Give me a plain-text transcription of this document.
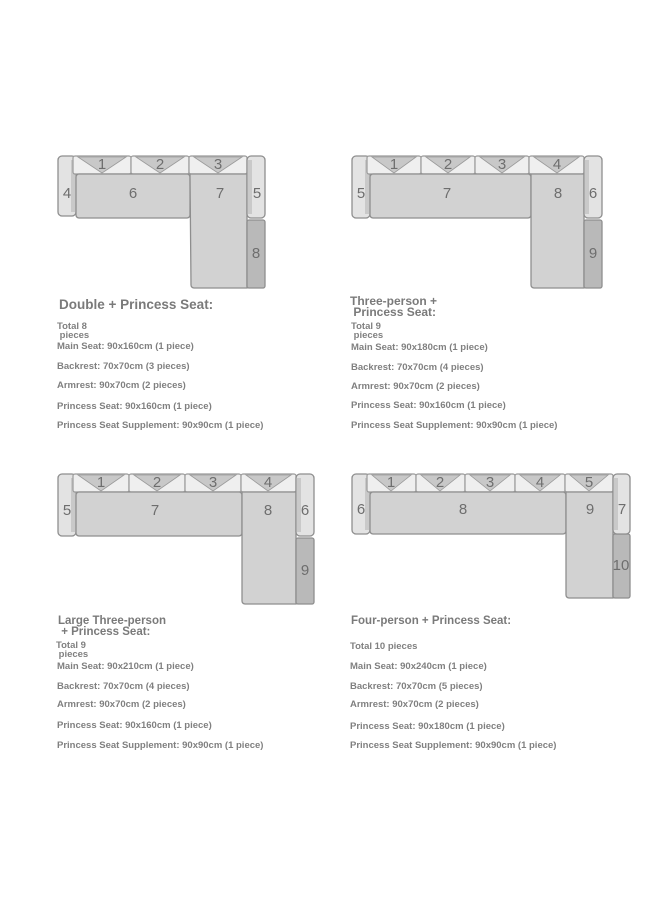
4
1	2	3
6	7
8
5	5
1	2	3	4
7	8
9
6
5
1	2	3	4
7	8
9
6	6
1	2	3	4	5
8	9
10
7
Double + Princess Seat:
Total 8
pieces
Main Seat: 90x160cm (1 piece)
Backrest: 70x70cm (3 pieces)
Armrest: 90x70cm (2 pieces)
Princess Seat: 90x160cm (1 piece)
Princess Seat Supplement: 90x90cm (1 piece)
Three-person +
Princess Seat:
Total 9
pieces
Main Seat: 90x180cm (1 piece)
Backrest: 70x70cm (4 pieces)
Armrest: 90x70cm (2 pieces)
Princess Seat: 90x160cm (1 piece)
Princess Seat Supplement: 90x90cm (1 piece)
Large Three-person
+ Princess Seat:
Total 9
pieces
Main Seat: 90x210cm (1 piece)
Backrest: 70x70cm (4 pieces)
Armrest: 90x70cm (2 pieces)
Princess Seat: 90x160cm (1 piece)
Princess Seat Supplement: 90x90cm (1 piece)
Four-person + Princess Seat:
Total 10 pieces
Main Seat: 90x240cm (1 piece)
Backrest: 70x70cm (5 pieces)
Armrest: 90x70cm (2 pieces)
Princess Seat: 90x180cm (1 piece)
Princess Seat Supplement: 90x90cm (1 piece)
